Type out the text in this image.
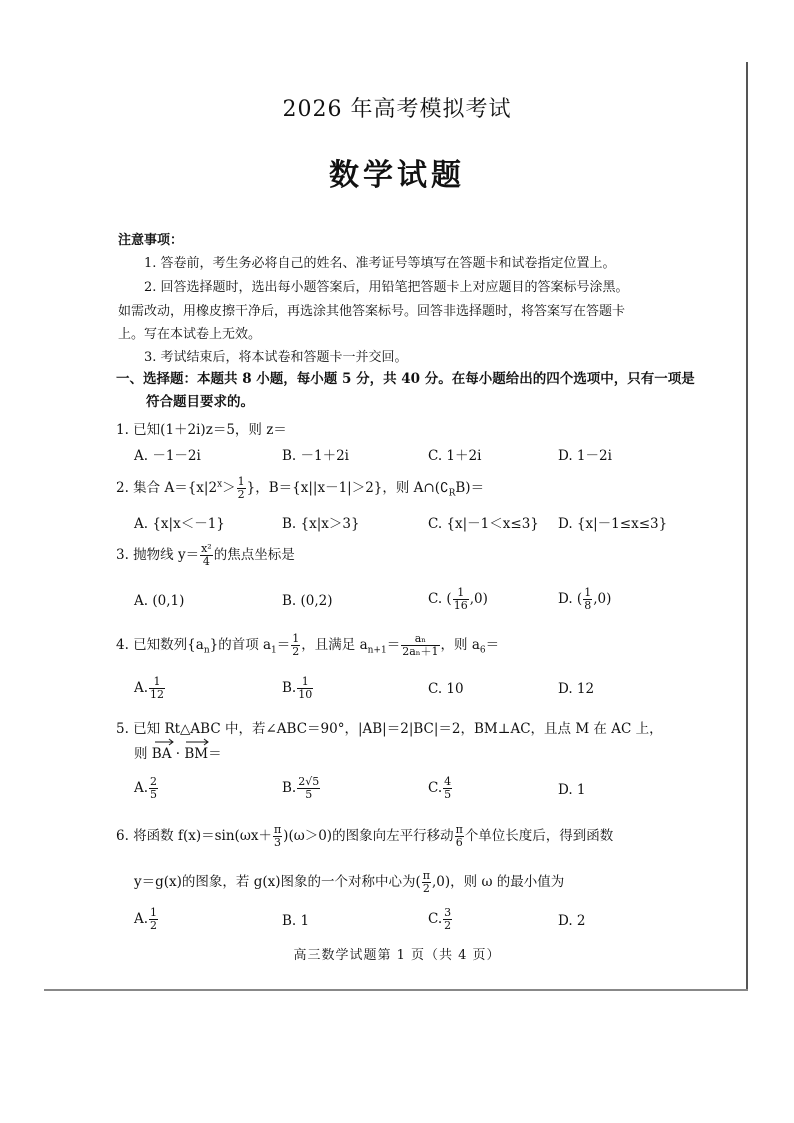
2026 年高考模拟考试
数学试题
注意事项：
1. 答卷前，考生务必将自己的姓名、准考证号等填写在答题卡和试卷指定位置上。
2. 回答选择题时，选出每小题答案后，用铅笔把答题卡上对应题目的答案标号涂黑。
如需改动，用橡皮擦干净后，再选涂其他答案标号。回答非选择题时，将答案写在答题卡
上。写在本试卷上无效。
3. 考试结束后，将本试卷和答题卡一并交回。
一、选择题：本题共 8 小题，每小题 5 分，共 40 分。在每小题给出的四个选项中，只有一项是
符合题目要求的。
1. 已知(1＋2i)z＝5，则 z＝
A. －1－2i	B. －1＋2i	C. 1＋2i	D. 1－2i
2. 集合 $A=\{x|2^x> \frac{1}{2}$ }，B＝{x||x－1|＞2}，则 $A\cap(∁_RB)=$
A. {x|x＜－1}	B. {x|x＞3}	C. {x|－1＜x≤3} D. {x|－1≤x≤3}
3. 抛物线 $y= \frac{\text{x²}}{4}$ 的焦点坐标是
A. (0,1)	B. (0,2)	C. ( $\frac{1}{16} ,0$)	D. ( $\frac{1}{8} ,0$)
4. 已知数列$\{a_n\}$的首项 $a_1= \frac{1}{2}$ ，且满足 $a_{n+1}= \frac{\text{aₙ}}{\text{2aₙ＋1}}$ ，则 $a_6=$
A. $\frac{1}{12}$	B. $\frac{1}{10}$	C. 10	D. 12
5. 已知 Rt△ABC 中，若∠ABC＝90°，|AB|＝2|BC|＝2，BM⊥AC，且点 M 在 AC 上，
则 BA · BM＝
A. $\frac{2}{5}$	B. $\frac{2√5}{5}$	C. $\frac{4}{5}$	D. 1
6. 将函数 $f(x)=\sin(\omega x+ \frac{\pi}{3} )(\omega>0)$的图象向左平行移动 $\frac{\pi}{6}$ 个单位长度后，得到函数
y＝g(x)的图象，若 g(x)图象的一个对称中心为( $\frac{\pi}{2} ,0$)，则 ω 的最小值为
A. $\frac{1}{2}$	B. 1	C. $\frac{3}{2}$	D. 2
高三数学试题第 1 页（共 4 页）
